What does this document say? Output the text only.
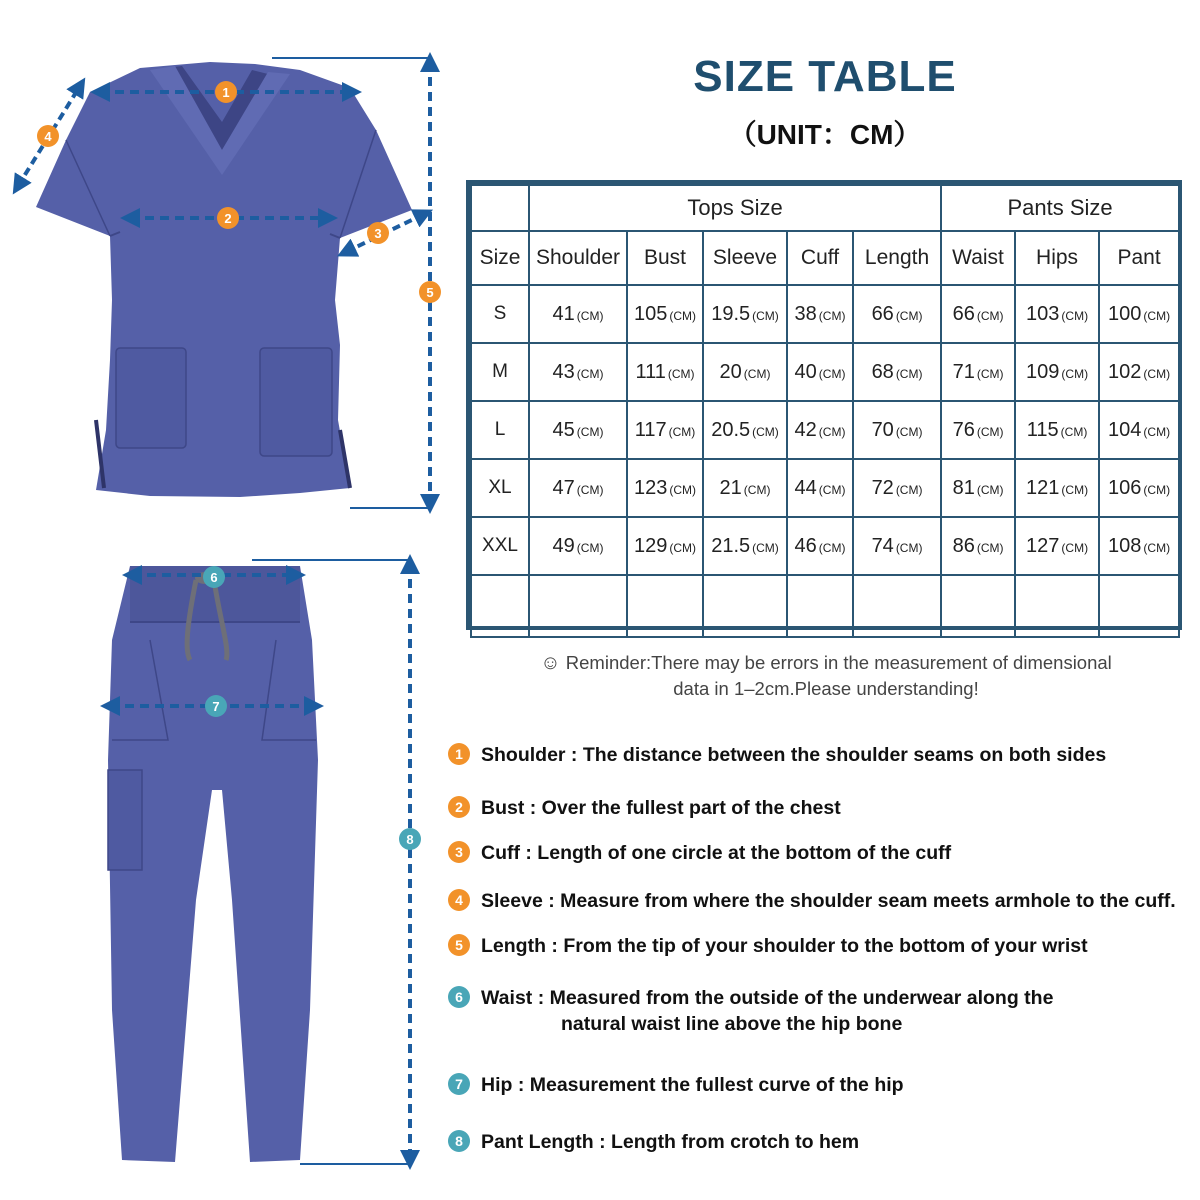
1
2
3
4
5
6
7
8
SIZE TABLE
（UNIT：CM）
	Tops Size					Pants Size		
Size	Shoulder	Bust	Sleeve	Cuff	Length	Waist	Hips	Pant
S	41 (CM)	105 (CM)	19.5 (CM)	38 (CM)	66 (CM)	66 (CM)	103 (CM)	100 (CM)
M	43 (CM)	111 (CM)	20 (CM)	40 (CM)	68 (CM)	71 (CM)	109 (CM)	102 (CM)
L	45 (CM)	117 (CM)	20.5 (CM)	42 (CM)	70 (CM)	76 (CM)	115 (CM)	104 (CM)
XL	47 (CM)	123 (CM)	21 (CM)	44 (CM)	72 (CM)	81 (CM)	121 (CM)	106 (CM)
XXL	49 (CM)	129 (CM)	21.5 (CM)	46 (CM)	74 (CM)	86 (CM)	127 (CM)	108 (CM)

☺ Reminder:There may be errors in the measurement of dimensional
data in 1–2cm.Please understanding!
1 Shoulder : The distance between the shoulder seams on both sides
2 Bust : Over the fullest part of the chest
3 Cuff : Length of one circle at the bottom of the cuff
4 Sleeve : Measure from where the shoulder seam meets armhole to the cuff.
5 Length : From the tip of your shoulder to the bottom of your wrist
6 Waist : Measured from the outside of the underwear along the
natural waist line above the hip bone
7 Hip : Measurement the fullest curve of the hip
8 Pant Length : Length from crotch to hem
